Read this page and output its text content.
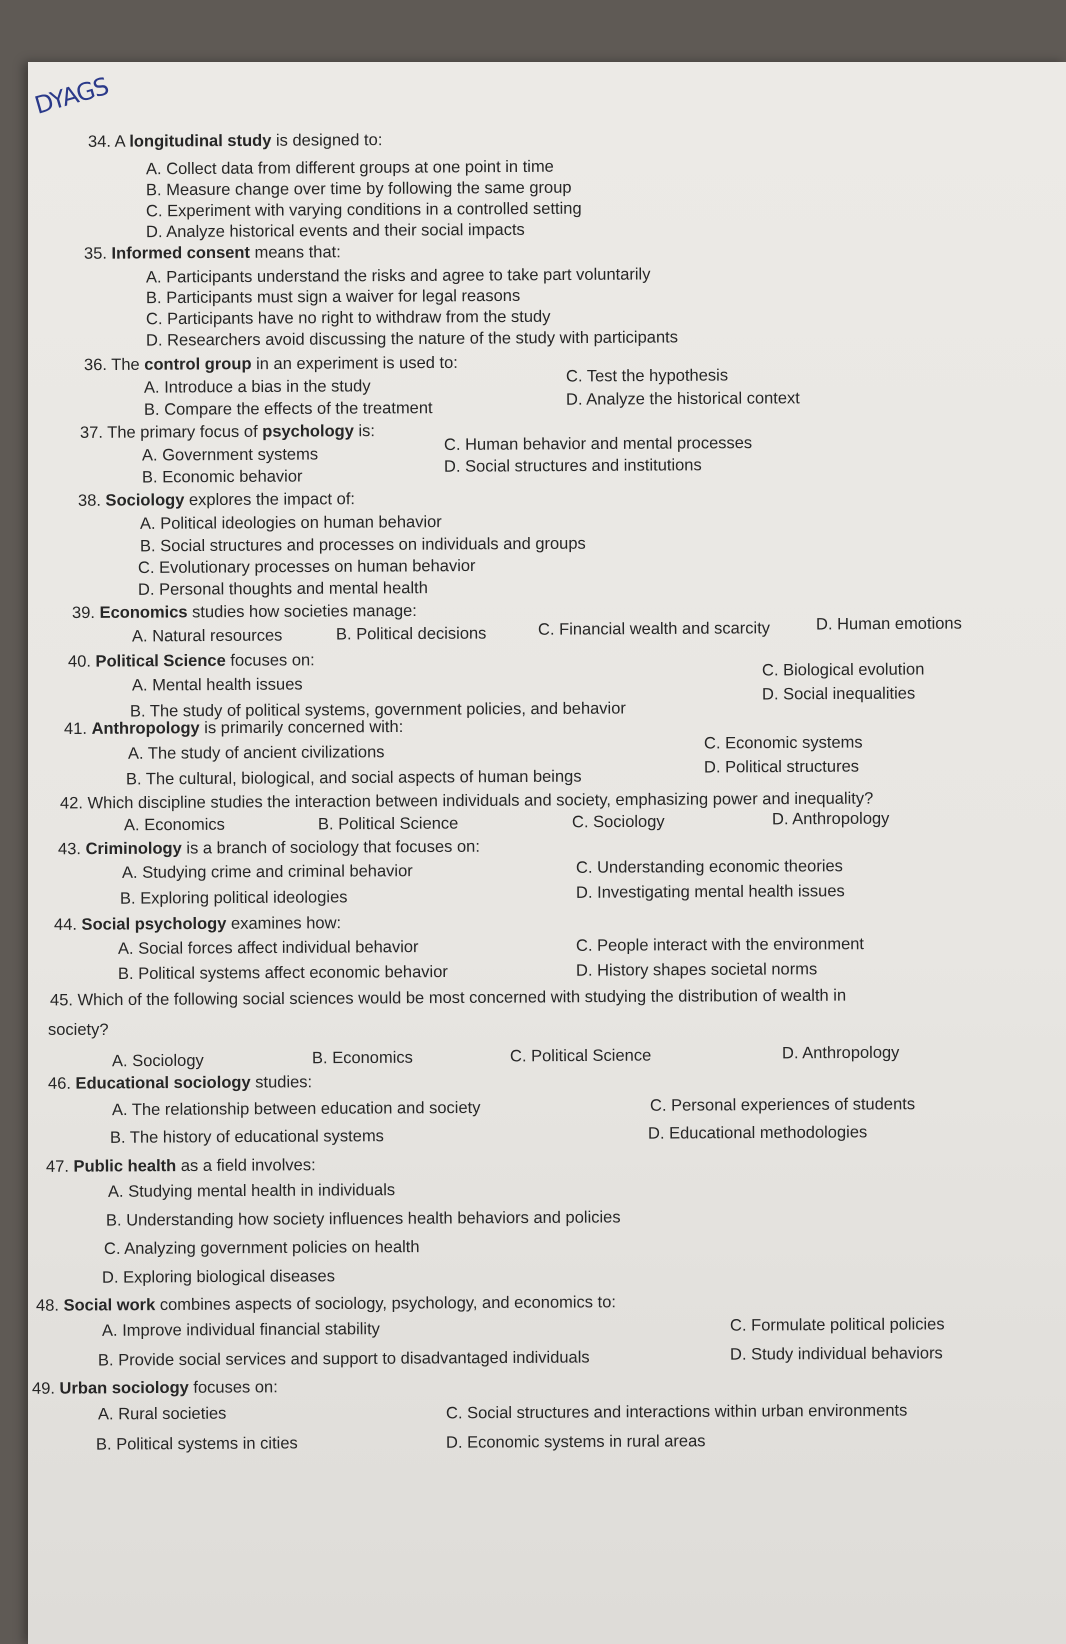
DYAGS
34. A longitudinal study is designed to:
A. Collect data from different groups at one point in time
B. Measure change over time by following the same group
C. Experiment with varying conditions in a controlled setting
D. Analyze historical events and their social impacts
35. Informed consent means that:
A. Participants understand the risks and agree to take part voluntarily
B. Participants must sign a waiver for legal reasons
C. Participants have no right to withdraw from the study
D. Researchers avoid discussing the nature of the study with participants
36. The control group in an experiment is used to:
A. Introduce a bias in the study
C. Test the hypothesis
B. Compare the effects of the treatment
D. Analyze the historical context
37. The primary focus of psychology is:
A. Government systems
C. Human behavior and mental processes
B. Economic behavior
D. Social structures and institutions
38. Sociology explores the impact of:
A. Political ideologies on human behavior
B. Social structures and processes on individuals and groups
C. Evolutionary processes on human behavior
D. Personal thoughts and mental health
39. Economics studies how societies manage:
A. Natural resources	B. Political decisions	C. Financial wealth and scarcity	D. Human emotions
40. Political Science focuses on:
A. Mental health issues
C. Biological evolution
B. The study of political systems, government policies, and behavior
D. Social inequalities
41. Anthropology is primarily concerned with:
A. The study of ancient civilizations
C. Economic systems
B. The cultural, biological, and social aspects of human beings
D. Political structures
42. Which discipline studies the interaction between individuals and society, emphasizing power and inequality?
A. Economics	B. Political Science	C. Sociology	D. Anthropology
43. Criminology is a branch of sociology that focuses on:
A. Studying crime and criminal behavior	C. Understanding economic theories
B. Exploring political ideologies	D. Investigating mental health issues
44. Social psychology examines how:
A. Social forces affect individual behavior	C. People interact with the environment
B. Political systems affect economic behavior	D. History shapes societal norms
45. Which of the following social sciences would be most concerned with studying the distribution of wealth in
society?
A. Sociology	B. Economics	C. Political Science	D. Anthropology
46. Educational sociology studies:
A. The relationship between education and society	C. Personal experiences of students
B. The history of educational systems	D. Educational methodologies
47. Public health as a field involves:
A. Studying mental health in individuals
B. Understanding how society influences health behaviors and policies
C. Analyzing government policies on health
D. Exploring biological diseases
48. Social work combines aspects of sociology, psychology, and economics to:
A. Improve individual financial stability	C. Formulate political policies
B. Provide social services and support to disadvantaged individuals	D. Study individual behaviors
49. Urban sociology focuses on:
A. Rural societies	C. Social structures and interactions within urban environments
B. Political systems in cities	D. Economic systems in rural areas
